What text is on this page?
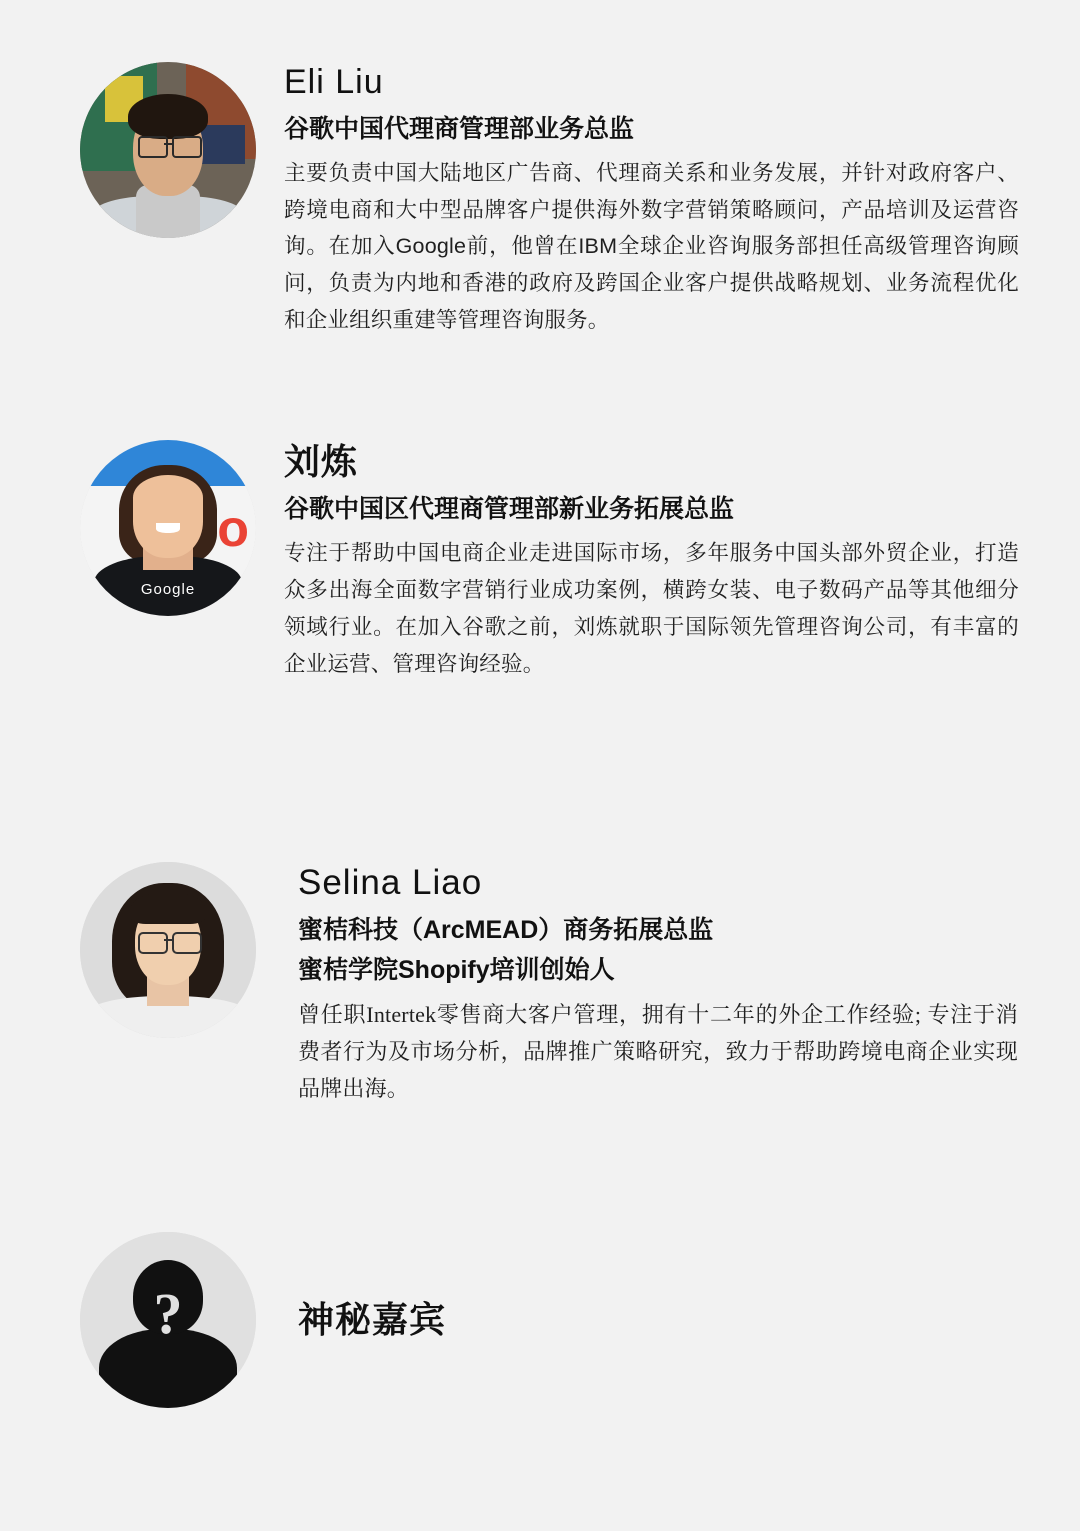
Eli Liu
谷歌中国代理商管理部业务总监

主要负责中国大陆地区广告商、代理商关系和业务发展，并针对政府客户、跨境电商和大中型品牌客户提供海外数字营销策略顾问，产品培训及运营咨询。在加入Google前，他曾在IBM全球企业咨询服务部担任高级管理咨询顾问，负责为内地和香港的政府及跨国企业客户提供战略规划、业务流程优化和企业组织重建等管理咨询服务。

o
Google
刘炼
谷歌中国区代理商管理部新业务拓展总监

专注于帮助中国电商企业走进国际市场，多年服务中国头部外贸企业，打造众多出海全面数字营销行业成功案例，横跨女装、电子数码产品等其他细分领域行业。在加入谷歌之前，刘炼就职于国际领先管理咨询公司，有丰富的企业运营、管理咨询经验。

Selina Liao
蜜桔科技（ArcMEAD）商务拓展总监
蜜桔学院Shopify培训创始人

曾任职Intertek零售商大客户管理，拥有十二年的外企工作经验; 专注于消费者行为及市场分析，品牌推广策略研究，致力于帮助跨境电商企业实现品牌出海。

?	神秘嘉宾
